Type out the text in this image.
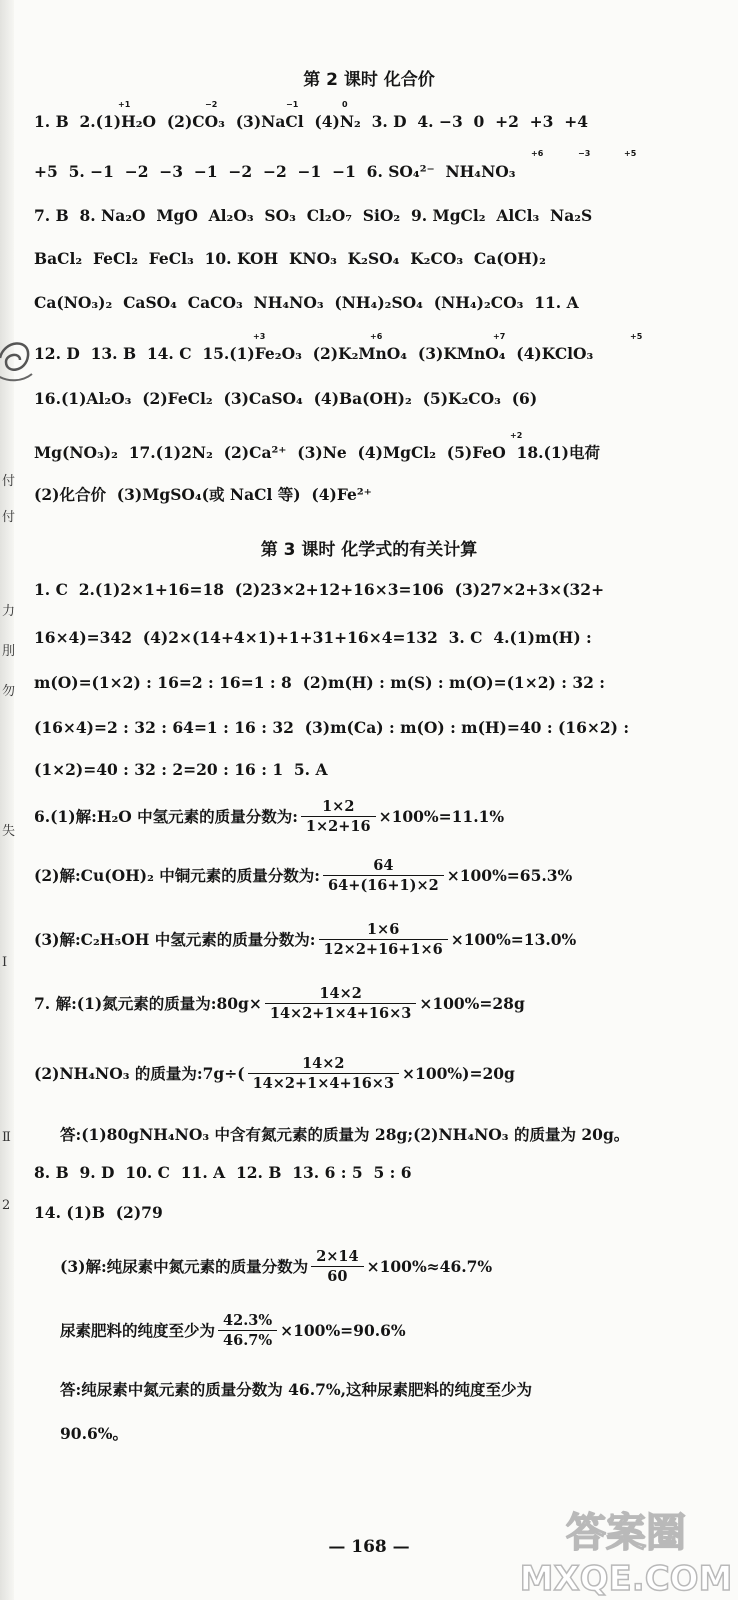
付
付
力
刖
勿
失
Ⅰ
Ⅱ
2
第 2 课时 化合价
1. B  2.(1)H₂O  (2)CO₃  (3)NaCl  (4)N₂  3. D  4. −3  0  +2  +3  +4
+5  5. −1  −2  −3  −1  −2  −2  −1  −1  6. SO₄²⁻  NH₄NO₃
7. B  8. Na₂O  MgO  Al₂O₃  SO₃  Cl₂O₇  SiO₂  9. MgCl₂  AlCl₃  Na₂S
BaCl₂  FeCl₂  FeCl₃  10. KOH  KNO₃  K₂SO₄  K₂CO₃  Ca(OH)₂
Ca(NO₃)₂  CaSO₄  CaCO₃  NH₄NO₃  (NH₄)₂SO₄  (NH₄)₂CO₃  11. A
12. D  13. B  14. C  15.(1)Fe₂O₃  (2)K₂MnO₄  (3)KMnO₄  (4)KClO₃
16.(1)Al₂O₃  (2)FeCl₂  (3)CaSO₄  (4)Ba(OH)₂  (5)K₂CO₃  (6)
Mg(NO₃)₂  17.(1)2N₂  (2)Ca²⁺  (3)Ne  (4)MgCl₂  (5)FeO  18.(1)电荷
(2)化合价  (3)MgSO₄(或 NaCl 等)  (4)Fe²⁺
+1	−2	−1	0
+6	−3	+5
+3	+6	+7	+5
+2
第 3 课时 化学式的有关计算
1. C  2.(1)2×1+16=18  (2)23×2+12+16×3=106  (3)27×2+3×(32+
16×4)=342  (4)2×(14+4×1)+1+31+16×4=132  3. C  4.(1)m(H) :
m(O)=(1×2) : 16=2 : 16=1 : 8  (2)m(H) : m(S) : m(O)=(1×2) : 32 :
(16×4)=2 : 32 : 64=1 : 16 : 32  (3)m(Ca) : m(O) : m(H)=40 : (16×2) :
(1×2)=40 : 32 : 2=20 : 16 : 1  5. A
6.(1)解:H₂O 中氢元素的质量分数为: $\frac{1\times 2}{1\times 2+16} \times 100\%=11.1\%$
(2)解:Cu(OH)₂ 中铜元素的质量分数为: $\frac{64}{64+(16+1)\times 2} \times 100\%=65.3\%$
(3)解:C₂H₅OH 中氢元素的质量分数为: $\frac{1\times 6}{12\times 2+16+1\times 6} \times 100\%=13.0\%$
7. 解:(1)氮元素的质量为:80g× $\frac{14\times 2}{14\times 2+1\times 4+16\times 3} \times 100\%=28g$
(2)NH₄NO₃ 的质量为:7g÷( $\frac{14\times 2}{14\times 2+1\times 4+16\times 3} \times 100\%)=20g$
答:(1)80gNH₄NO₃ 中含有氮元素的质量为 28g;(2)NH₄NO₃ 的质量为 20g。
8. B  9. D  10. C  11. A  12. B  13. 6 : 5  5 : 6
14. (1)B  (2)79
(3)解:纯尿素中氮元素的质量分数为 $\frac{2\times 14}{60} \times 100\%\approx 46.7\%$
尿素肥料的纯度至少为 $\frac{42.3\%}{46.7\%} \times 100\%=90.6\%$
答:纯尿素中氮元素的质量分数为 46.7%,这种尿素肥料的纯度至少为
90.6%。
— 168 —	答案圈
MXQE.COM
